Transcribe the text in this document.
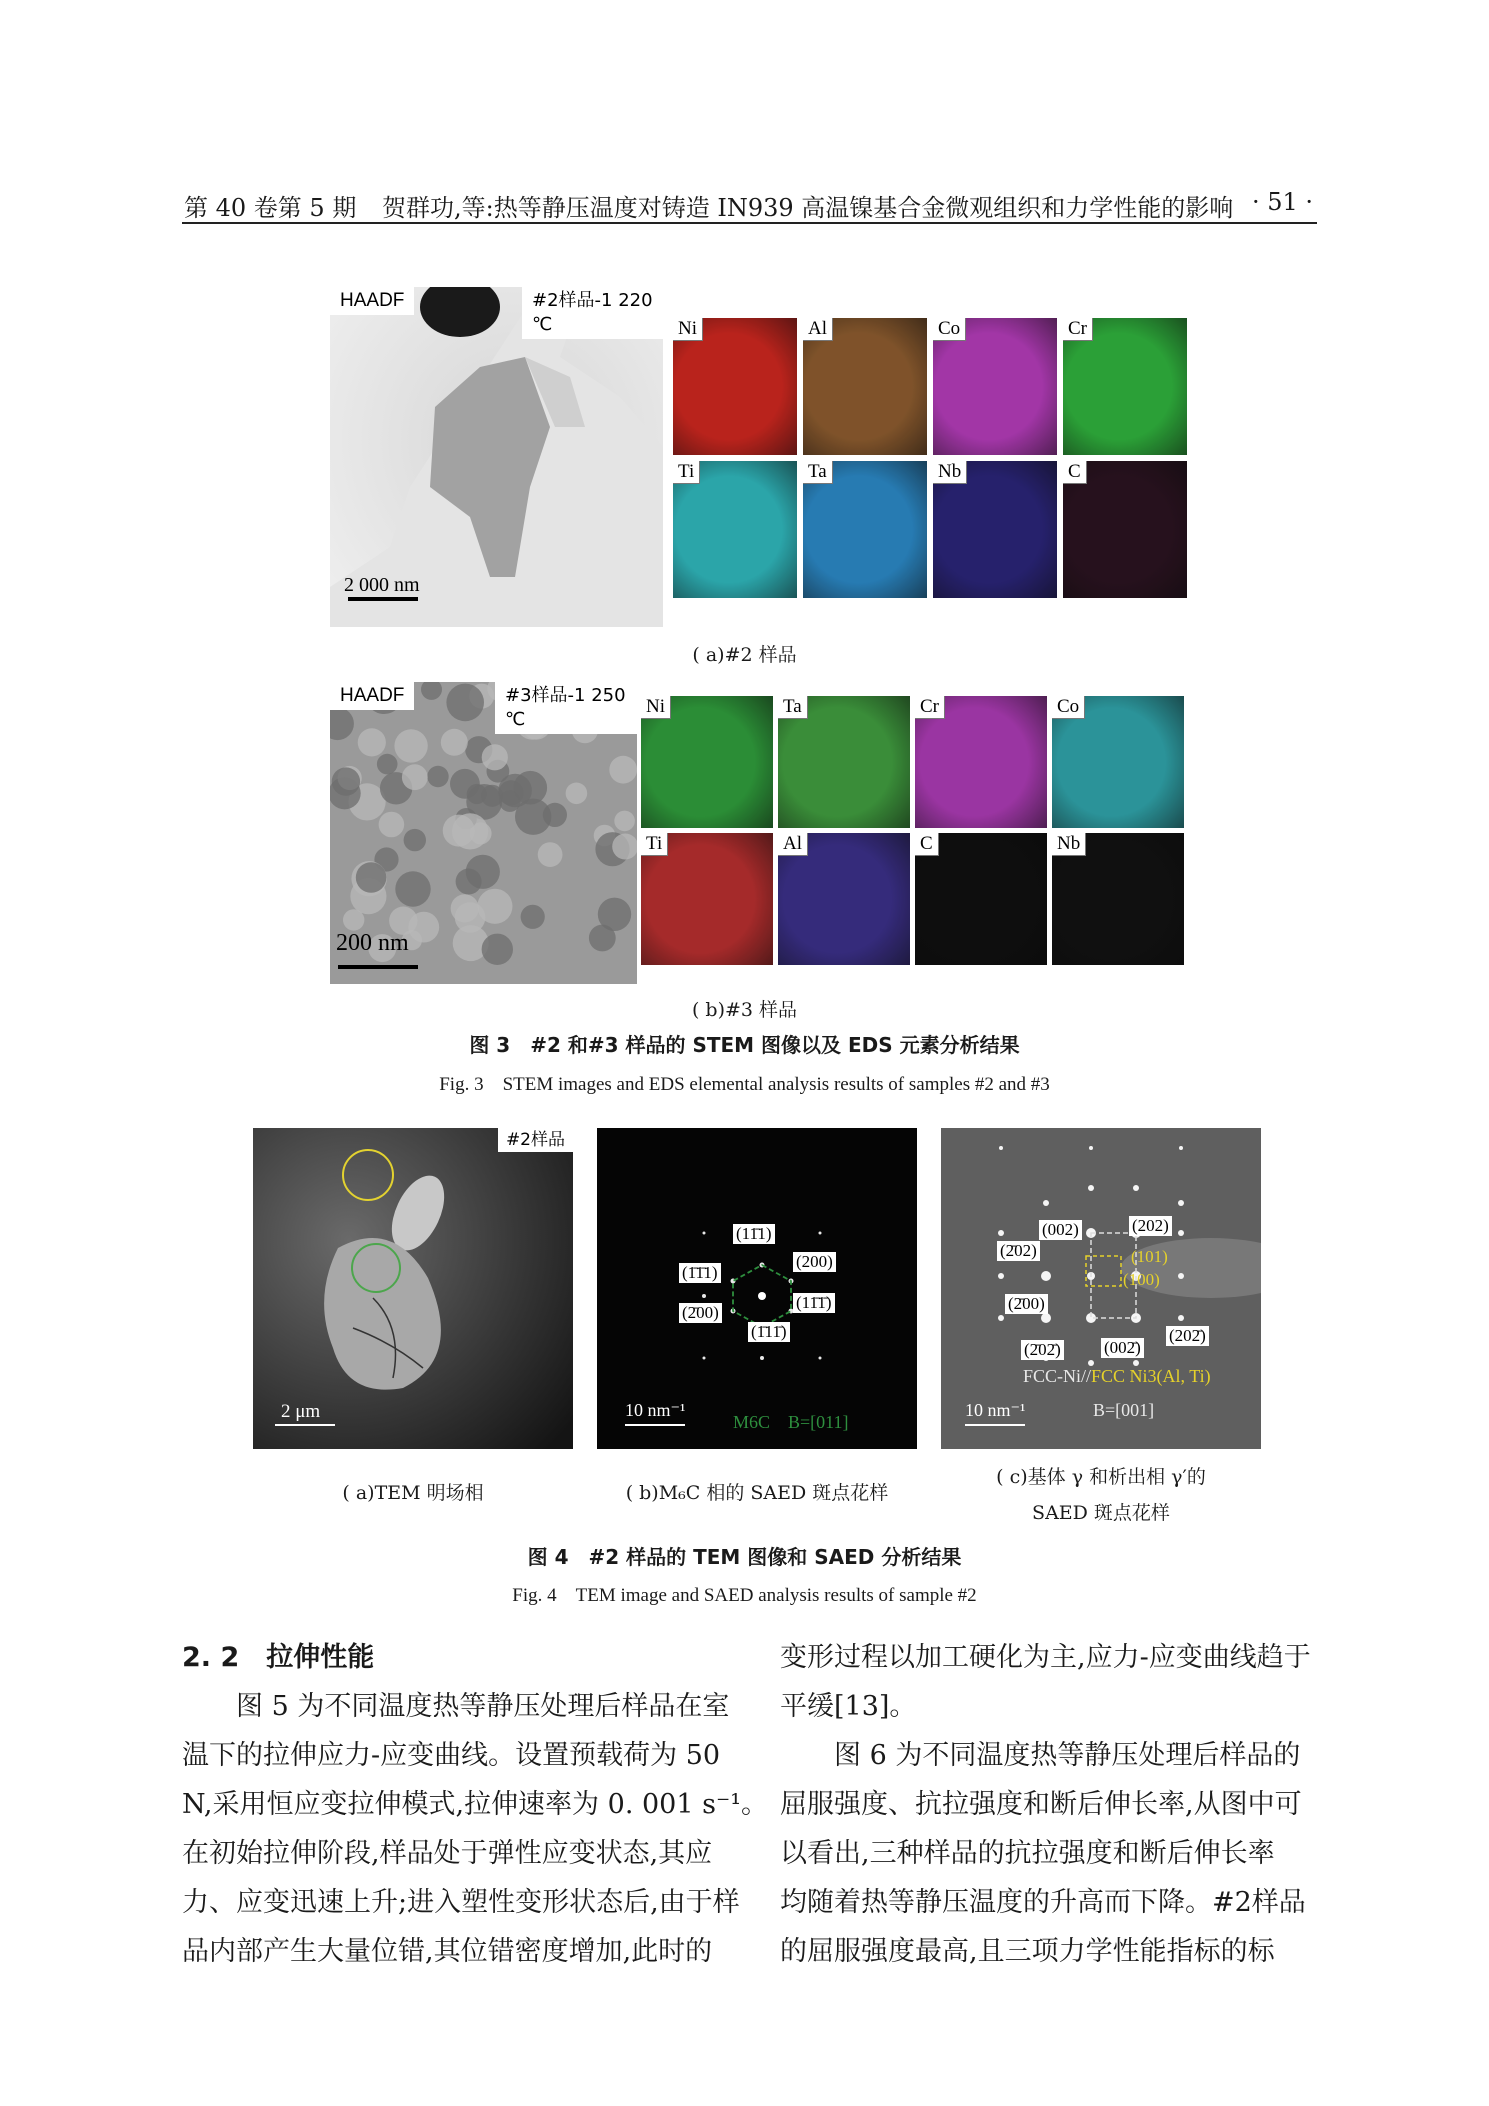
第 40 卷第 5 期 贺群功,等:热等静压温度对铸造 IN939 高温镍基合金微观组织和力学性能的影响 · 51 ·
HAADF	#2样品-1 220 ℃
2 000 nm
Ni	Al	Co	Cr
Ti	Ta	Nb	C
( a)#2 样品
HAADF	#3样品-1 250 ℃
200 nm
Ni	Ta	Cr	Co
Ti	Al	C	Nb
( b)#3 样品
图 3　#2 和#3 样品的 STEM 图像以及 EDS 元素分析结果
Fig. 3　STEM images and EDS elemental analysis results of samples #2 and #3
#2样品
2 μm
(11̄1)
(200)
(1̄1̄1)
(11̄1̄)
(2̄00)
(1̄11̄)
10 nm⁻¹
M6C　B=[011]
(002)	(202)
(2̄02)
(2̄00)
(2̄02̄)	(002̄)
(202̄)
(101)
(100)
FCC-Ni//FCC Ni3(Al, Ti)
10 nm⁻¹	B=[001]
( a)TEM 明场相	( b)M₆C 相的 SAED 斑点花样
( c)基体 γ 和析出相 γ′的
SAED 斑点花样
图 4　#2 样品的 TEM 图像和 SAED 分析结果
Fig. 4　TEM image and SAED analysis results of sample #2
2. 2　拉伸性能
　　图 5 为不同温度热等静压处理后样品在室
温下的拉伸应力-应变曲线。设置预载荷为 50
N,采用恒应变拉伸模式,拉伸速率为 0. 001 s⁻¹。
在初始拉伸阶段,样品处于弹性应变状态,其应
力、应变迅速上升;进入塑性变形状态后,由于样
品内部产生大量位错,其位错密度增加,此时的
变形过程以加工硬化为主,应力-应变曲线趋于
平缓[13]。
　　图 6 为不同温度热等静压处理后样品的
屈服强度、抗拉强度和断后伸长率,从图中可
以看出,三种样品的抗拉强度和断后伸长率
均随着热等静压温度的升高而下降。#2样品
的屈服强度最高,且三项力学性能指标的标
